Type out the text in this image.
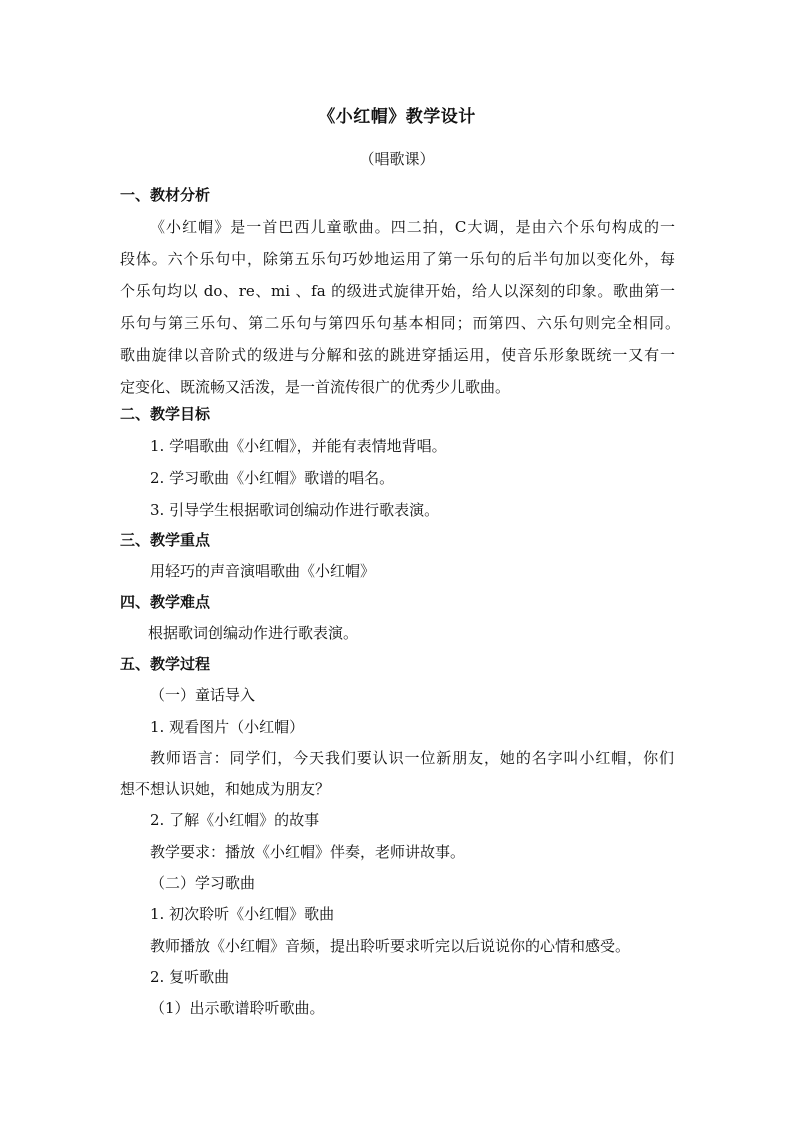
《小红帽》教学设计
（唱歌课）
一、教材分析
《小红帽》是一首巴西儿童歌曲。四二拍，C大调，是由六个乐句构成的一
段体。六个乐句中，除第五乐句巧妙地运用了第一乐句的后半句加以变化外，每
个乐句均以 do、re、mi 、fa 的级进式旋律开始，给人以深刻的印象。歌曲第一
乐句与第三乐句、第二乐句与第四乐句基本相同；而第四、六乐句则完全相同。
歌曲旋律以音阶式的级进与分解和弦的跳进穿插运用，使音乐形象既统一又有一
定变化、既流畅又活泼，是一首流传很广的优秀少儿歌曲。
二、教学目标
1. 学唱歌曲《小红帽》，并能有表情地背唱。
2. 学习歌曲《小红帽》歌谱的唱名。
3. 引导学生根据歌词创编动作进行歌表演。
三、教学重点
用轻巧的声音演唱歌曲《小红帽》
四、教学难点
根据歌词创编动作进行歌表演。
五、教学过程
（一）童话导入
1. 观看图片（小红帽）
教师语言：同学们，今天我们要认识一位新朋友，她的名字叫小红帽，你们
想不想认识她，和她成为朋友？
2. 了解《小红帽》的故事
教学要求：播放《小红帽》伴奏，老师讲故事。
（二）学习歌曲
1. 初次聆听《小红帽》歌曲
教师播放《小红帽》音频，提出聆听要求听完以后说说你的心情和感受。
2. 复听歌曲
（1）出示歌谱聆听歌曲。
